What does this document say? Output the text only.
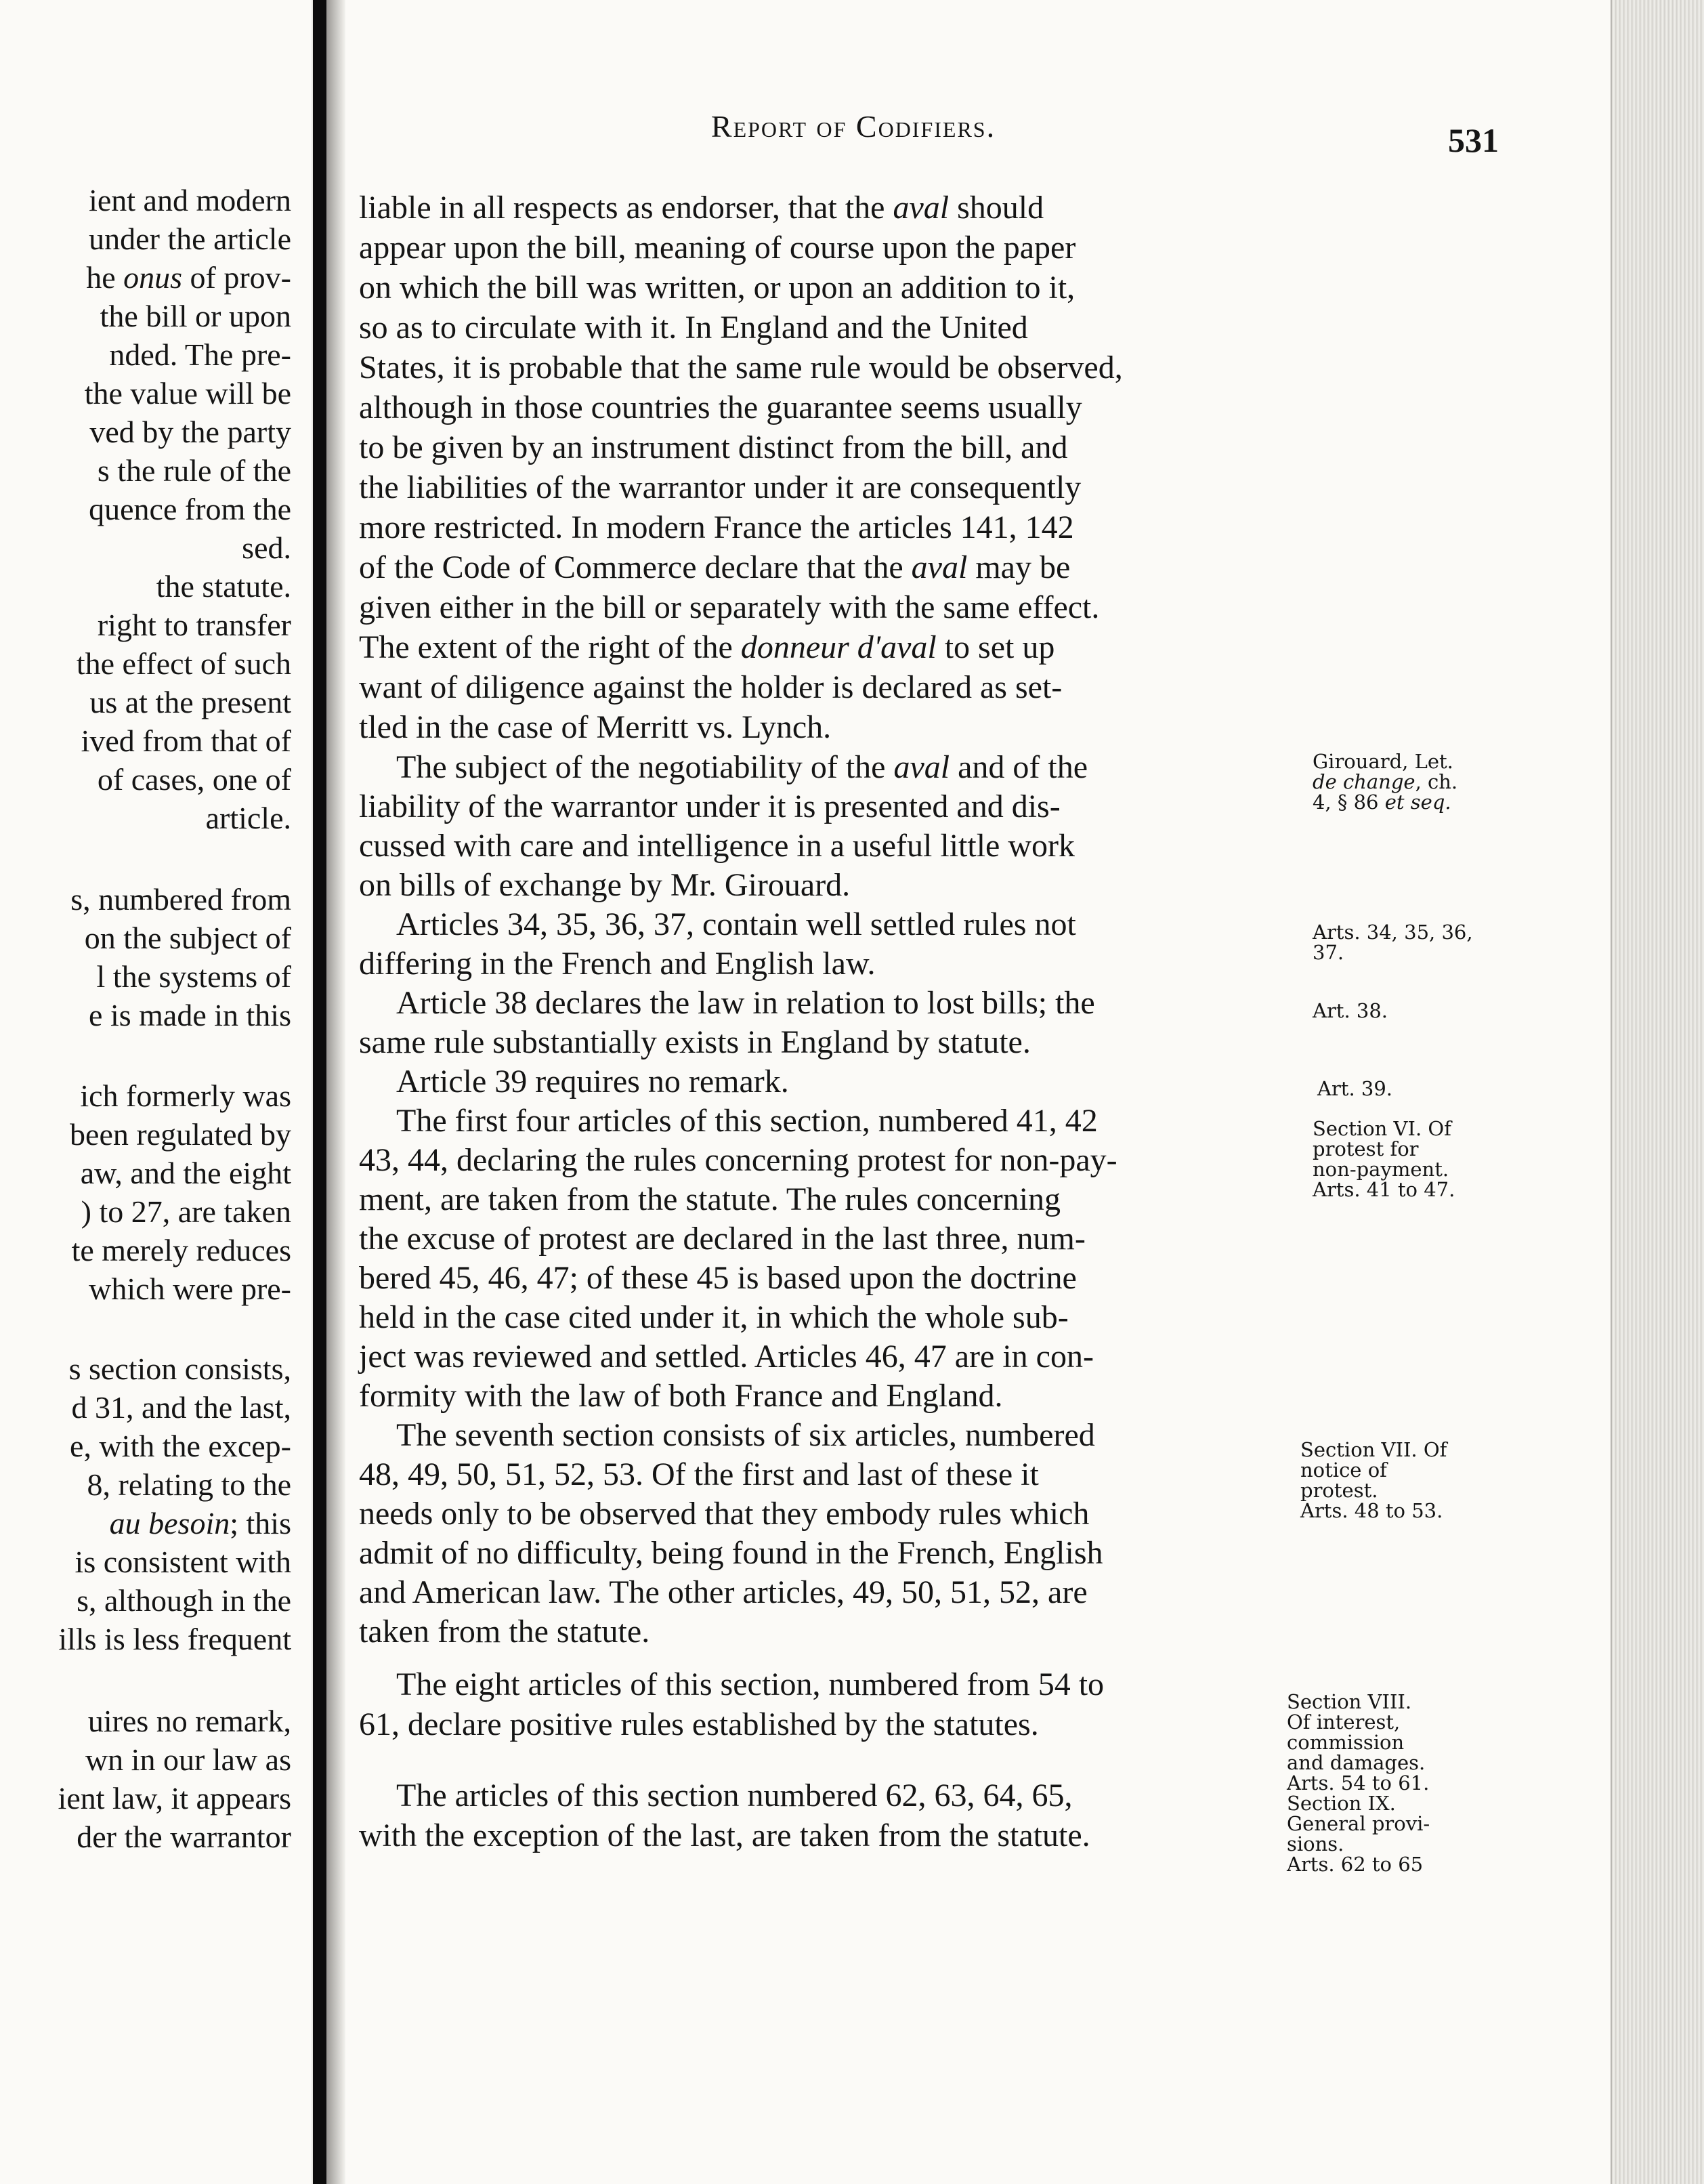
ient and modern
under the article
he onus of prov-
the bill or upon
nded. The pre-
the value will be
ved by the party
s the rule of the
quence from the
sed.
the statute.
right to transfer
the effect of such
us at the present
ived from that of
of cases, one of
article.
s, numbered from
on the subject of
l the systems of
e is made in this
ich formerly was
been regulated by
aw, and the eight
) to 27, are taken
te merely reduces
which were pre-
s section consists,
d 31, and the last,
e, with the excep-
8, relating to the
au besoin; this
is consistent with
s, although in the
ills is less frequent
uires no remark,
wn in our law as
ient law, it appears
der the warrantor
Report of Codifiers.	531
liable in all respects as endorser, that the aval should
appear upon the bill, meaning of course upon the paper
on which the bill was written, or upon an addition to it,
so as to circulate with it. In England and the United
States, it is probable that the same rule would be observed,
although in those countries the guarantee seems usually
to be given by an instrument distinct from the bill, and
the liabilities of the warrantor under it are consequently
more restricted. In modern France the articles 141, 142
of the Code of Commerce declare that the aval may be
given either in the bill or separately with the same effect.
The extent of the right of the donneur d'aval to set up
want of diligence against the holder is declared as set-
tled in the case of Merritt vs. Lynch.
The subject of the negotiability of the aval and of the
liability of the warrantor under it is presented and dis-
cussed with care and intelligence in a useful little work
on bills of exchange by Mr. Girouard.
Articles 34, 35, 36, 37, contain well settled rules not
differing in the French and English law.
Article 38 declares the law in relation to lost bills; the
same rule substantially exists in England by statute.
Article 39 requires no remark.
The first four articles of this section, numbered 41, 42
43, 44, declaring the rules concerning protest for non-pay-
ment, are taken from the statute. The rules concerning
the excuse of protest are declared in the last three, num-
bered 45, 46, 47; of these 45 is based upon the doctrine
held in the case cited under it, in which the whole sub-
ject was reviewed and settled. Articles 46, 47 are in con-
formity with the law of both France and England.
The seventh section consists of six articles, numbered
48, 49, 50, 51, 52, 53. Of the first and last of these it
needs only to be observed that they embody rules which
admit of no difficulty, being found in the French, English
and American law. The other articles, 49, 50, 51, 52, are
taken from the statute.
The eight articles of this section, numbered from 54 to
61, declare positive rules established by the statutes.
The articles of this section numbered 62, 63, 64, 65,
with the exception of the last, are taken from the statute.
Girouard, Let.
de change, ch.
4, § 86 et seq.
Arts. 34, 35, 36,
37.
Art. 38.
Art. 39.
Section VI. Of
protest for
non-payment.
Arts. 41 to 47.
Section VII. Of
notice of
protest.
Arts. 48 to 53.
Section VIII.
Of interest,
commission
and damages.
Arts. 54 to 61.
Section IX.
General provi-
sions.
Arts. 62 to 65
